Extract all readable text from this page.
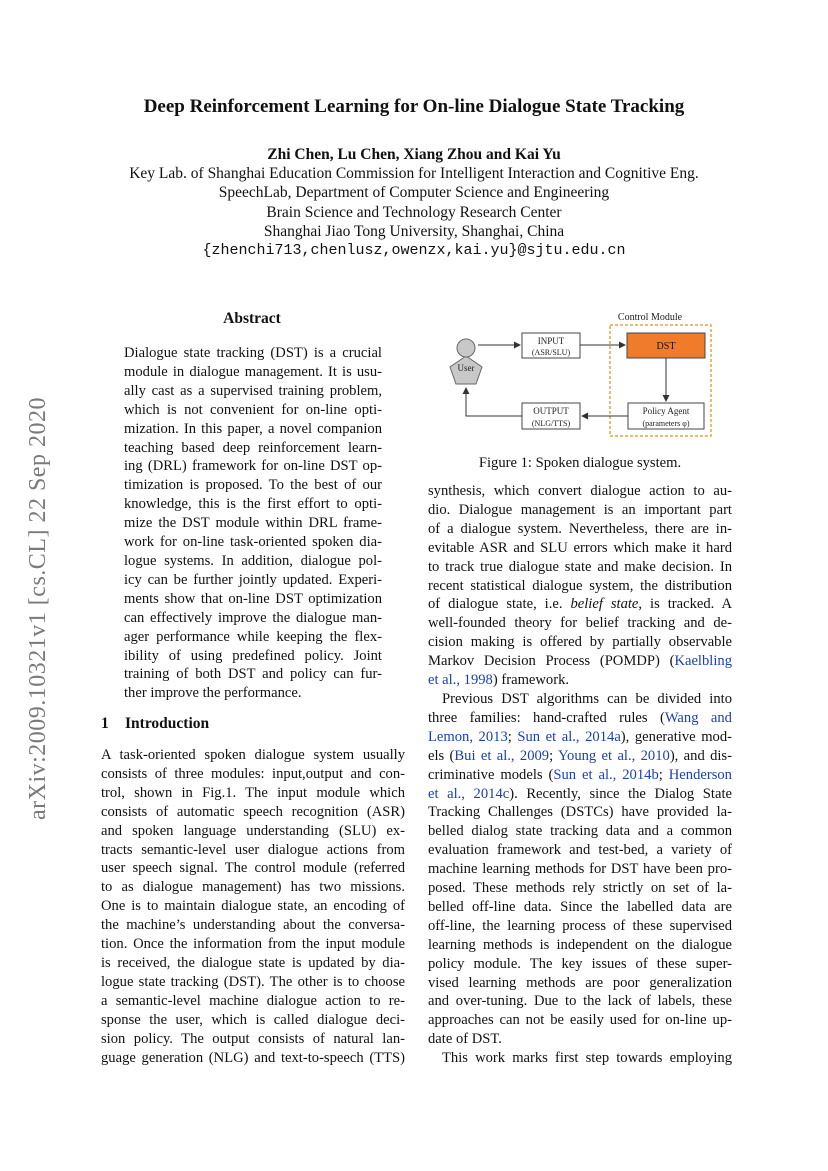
arXiv:2009.10321v1 [cs.CL] 22 Sep 2020
Deep Reinforcement Learning for On-line Dialogue State Tracking
Zhi Chen, Lu Chen, Xiang Zhou and Kai Yu
Key Lab. of Shanghai Education Commission for Intelligent Interaction and Cognitive Eng.
SpeechLab, Department of Computer Science and Engineering
Brain Science and Technology Research Center
Shanghai Jiao Tong University, Shanghai, China
{zhenchi713,chenlusz,owenzx,kai.yu}@sjtu.edu.cn
Abstract
Dialogue state tracking (DST) is a crucial
module in dialogue management. It is usu-
ally cast as a supervised training problem,
which is not convenient for on-line opti-
mization. In this paper, a novel companion
teaching based deep reinforcement learn-
ing (DRL) framework for on-line DST op-
timization is proposed. To the best of our
knowledge, this is the first effort to opti-
mize the DST module within DRL frame-
work for on-line task-oriented spoken dia-
logue systems. In addition, dialogue pol-
icy can be further jointly updated. Experi-
ments show that on-line DST optimization
can effectively improve the dialogue man-
ager performance while keeping the flex-
ibility of using predefined policy. Joint
training of both DST and policy can fur-
ther improve the performance.
1 Introduction
A task-oriented spoken dialogue system usually
consists of three modules: input,output and con-
trol, shown in Fig.1. The input module which
consists of automatic speech recognition (ASR)
and spoken language understanding (SLU) ex-
tracts semantic-level user dialogue actions from
user speech signal. The control module (referred
to as dialogue management) has two missions.
One is to maintain dialogue state, an encoding of
the machine’s understanding about the conversa-
tion. Once the information from the input module
is received, the dialogue state is updated by dia-
logue state tracking (DST). The other is to choose
a semantic-level machine dialogue action to re-
sponse the user, which is called dialogue deci-
sion policy. The output consists of natural lan-
guage generation (NLG) and text-to-speech (TTS)
Control Module
User
INPUT
(ASR/SLU)
DST
OUTPUT
(NLG/TTS)
Policy Agent
(parameters φ)
Figure 1: Spoken dialogue system.
synthesis, which convert dialogue action to au-
dio. Dialogue management is an important part
of a dialogue system. Nevertheless, there are in-
evitable ASR and SLU errors which make it hard
to track true dialogue state and make decision. In
recent statistical dialogue system, the distribution
of dialogue state, i.e. belief state, is tracked. A
well-founded theory for belief tracking and de-
cision making is offered by partially observable
Markov Decision Process (POMDP) (Kaelbling
et al., 1998) framework.
Previous DST algorithms can be divided into
three families: hand-crafted rules (Wang and
Lemon, 2013; Sun et al., 2014a), generative mod-
els (Bui et al., 2009; Young et al., 2010), and dis-
criminative models (Sun et al., 2014b; Henderson
et al., 2014c). Recently, since the Dialog State
Tracking Challenges (DSTCs) have provided la-
belled dialog state tracking data and a common
evaluation framework and test-bed, a variety of
machine learning methods for DST have been pro-
posed. These methods rely strictly on set of la-
belled off-line data. Since the labelled data are
off-line, the learning process of these supervised
learning methods is independent on the dialogue
policy module. The key issues of these super-
vised learning methods are poor generalization
and over-tuning. Due to the lack of labels, these
approaches can not be easily used for on-line up-
date of DST.
This work marks first step towards employing
